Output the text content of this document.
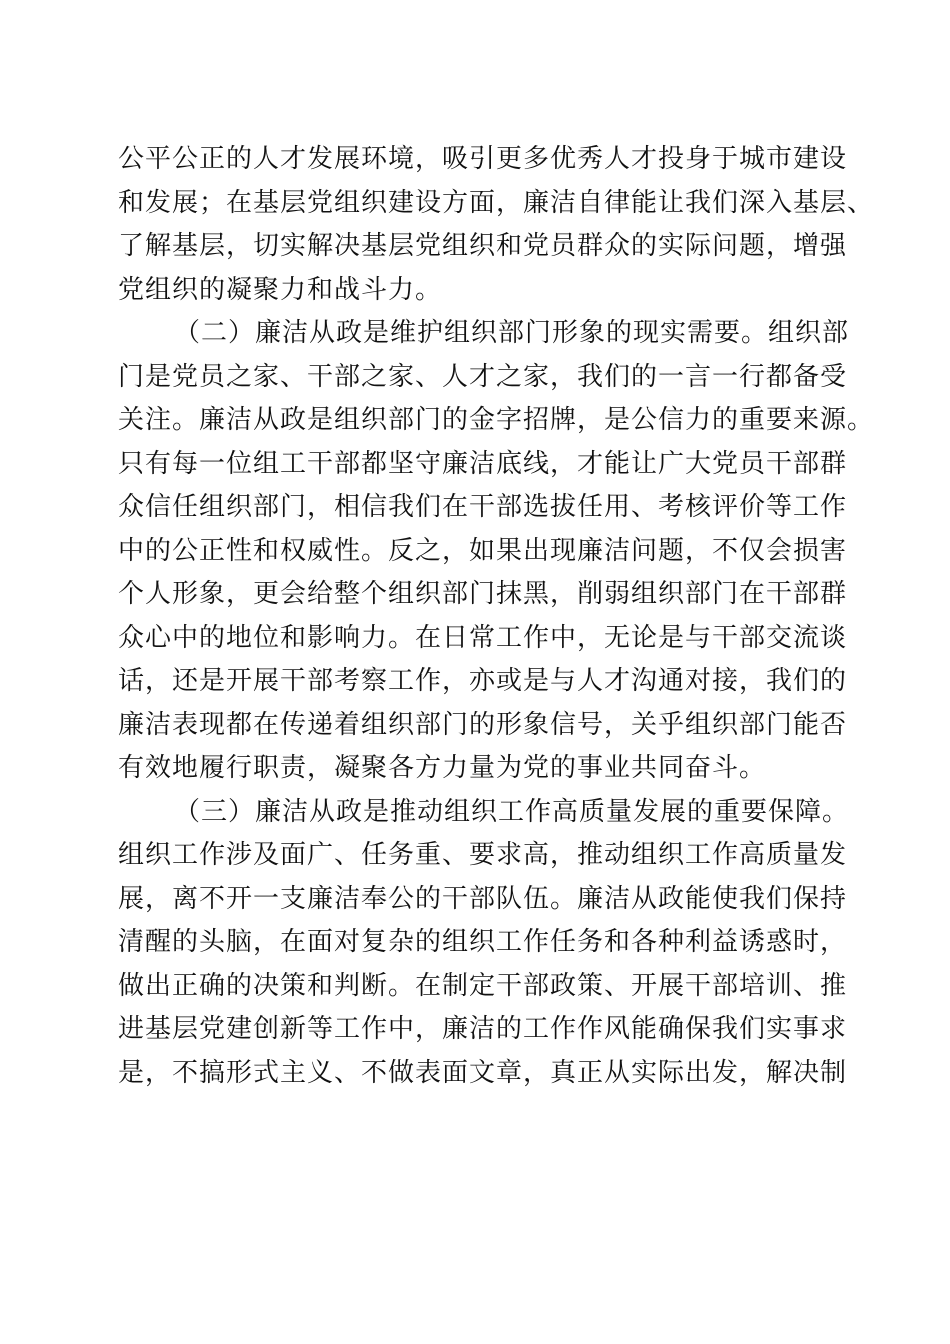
公平公正的人才发展环境，吸引更多优秀人才投身于城市建设
和发展；在基层党组织建设方面，廉洁自律能让我们深入基层、
了解基层，切实解决基层党组织和党员群众的实际问题，增强
党组织的凝聚力和战斗力。
（二）廉洁从政是维护组织部门形象的现实需要。组织部
门是党员之家、干部之家、人才之家，我们的一言一行都备受
关注。廉洁从政是组织部门的金字招牌，是公信力的重要来源。
只有每一位组工干部都坚守廉洁底线，才能让广大党员干部群
众信任组织部门，相信我们在干部选拔任用、考核评价等工作
中的公正性和权威性。反之，如果出现廉洁问题，不仅会损害
个人形象，更会给整个组织部门抹黑，削弱组织部门在干部群
众心中的地位和影响力。在日常工作中，无论是与干部交流谈
话，还是开展干部考察工作，亦或是与人才沟通对接，我们的
廉洁表现都在传递着组织部门的形象信号，关乎组织部门能否
有效地履行职责，凝聚各方力量为党的事业共同奋斗。
（三）廉洁从政是推动组织工作高质量发展的重要保障。
组织工作涉及面广、任务重、要求高，推动组织工作高质量发
展，离不开一支廉洁奉公的干部队伍。廉洁从政能使我们保持
清醒的头脑，在面对复杂的组织工作任务和各种利益诱惑时，
做出正确的决策和判断。在制定干部政策、开展干部培训、推
进基层党建创新等工作中，廉洁的工作作风能确保我们实事求
是，不搞形式主义、不做表面文章，真正从实际出发，解决制
